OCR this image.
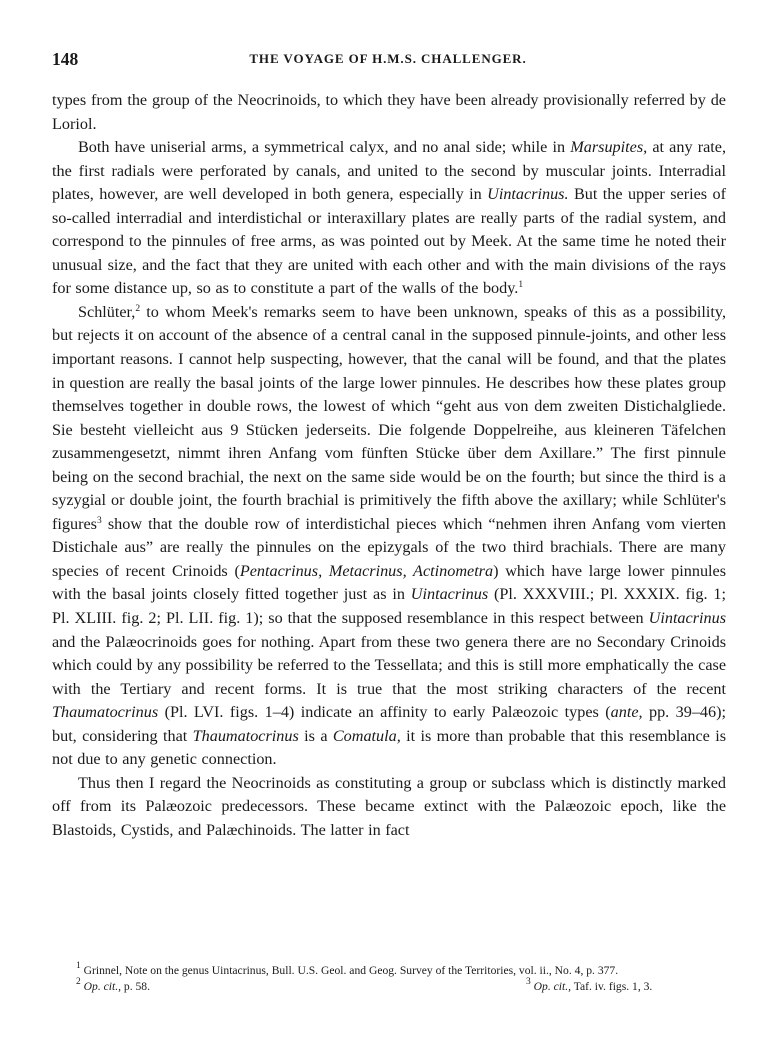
148	THE VOYAGE OF H.M.S. CHALLENGER.

types from the group of the Neocrinoids, to which they have been already provisionally referred by de Loriol.

Both have uniserial arms, a symmetrical calyx, and no anal side; while in Marsupites, at any rate, the first radials were perforated by canals, and united to the second by muscular joints. Interradial plates, however, are well developed in both genera, especially in Uintacrinus. But the upper series of so-called interradial and interdistichal or interaxillary plates are really parts of the radial system, and correspond to the pinnules of free arms, as was pointed out by Meek. At the same time he noted their unusual size, and the fact that they are united with each other and with the main divisions of the rays for some distance up, so as to constitute a part of the walls of the body.$^1$

Schlüter,$^2$ to whom Meek's remarks seem to have been unknown, speaks of this as a possibility, but rejects it on account of the absence of a central canal in the supposed pinnule-joints, and other less important reasons. I cannot help suspecting, however, that the canal will be found, and that the plates in question are really the basal joints of the large lower pinnules. He describes how these plates group themselves together in double rows, the lowest of which “geht aus von dem zweiten Distichalgliede. Sie besteht vielleicht aus 9 Stücken jederseits. Die folgende Doppelreihe, aus kleineren Täfelchen zusammengesetzt, nimmt ihren Anfang vom fünften Stücke über dem Axillare.” The first pinnule being on the second brachial, the next on the same side would be on the fourth; but since the third is a syzygial or double joint, the fourth brachial is primitively the fifth above the axillary; while Schlüter's figures$^3$ show that the double row of interdistichal pieces which “nehmen ihren Anfang vom vierten Distichale aus” are really the pinnules on the epizygals of the two third brachials. There are many species of recent Crinoids (Pentacrinus, Metacrinus, Actinometra) which have large lower pinnules with the basal joints closely fitted together just as in Uintacrinus (Pl. XXXVIII.; Pl. XXXIX. fig. 1; Pl. XLIII. fig. 2; Pl. LII. fig. 1); so that the supposed resemblance in this respect between Uintacrinus and the Palæocrinoids goes for nothing. Apart from these two genera there are no Secondary Crinoids which could by any possibility be referred to the Tessellata; and this is still more emphatically the case with the Tertiary and recent forms. It is true that the most striking characters of the recent Thaumatocrinus (Pl. LVI. figs. 1–4) indicate an affinity to early Palæozoic types (ante, pp. 39–46); but, considering that Thaumatocrinus is a Comatula, it is more than probable that this resemblance is not due to any genetic connection.

Thus then I regard the Neocrinoids as constituting a group or subclass which is distinctly marked off from its Palæozoic predecessors. These became extinct with the Palæozoic epoch, like the Blastoids, Cystids, and Palæchinoids. The latter in fact

$^1$ Grinnel, Note on the genus Uintacrinus, Bull. U.S. Geol. and Geog. Survey of the Territories, vol. ii., No. 4, p. 377.
$^2$ Op. cit., p. 58.	$^3$ Op. cit., Taf. iv. figs. 1, 3.
